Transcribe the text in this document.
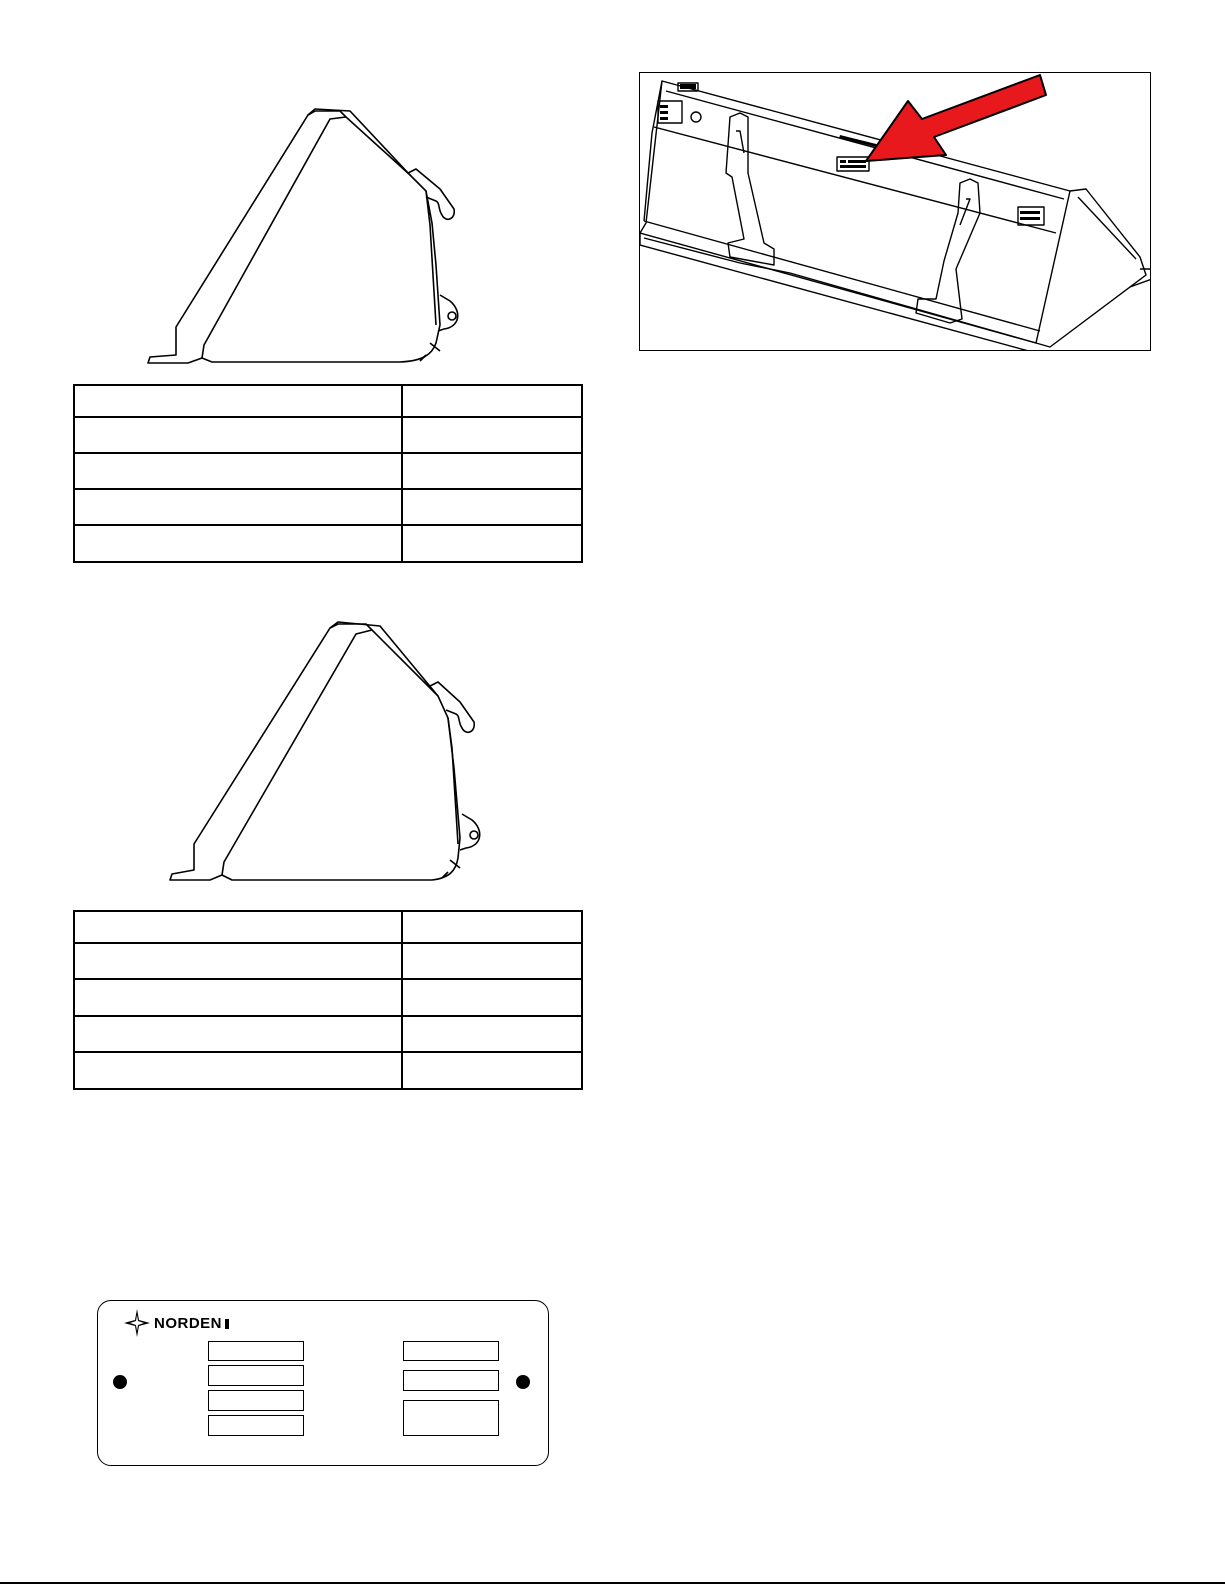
NORDEN
